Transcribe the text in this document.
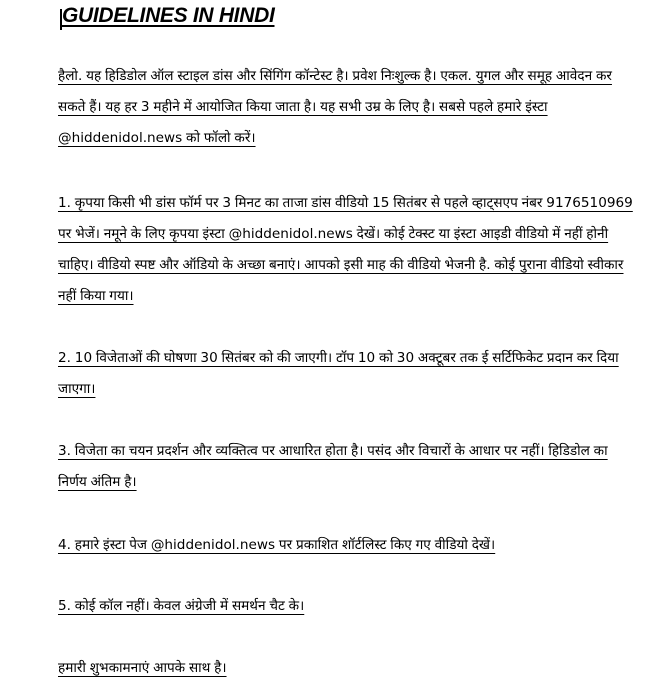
GUIDELINES IN HINDI

हैलो. यह हिडिडोल ऑल स्टाइल डांस और सिंगिंग कॉन्टेस्ट है। प्रवेश निःशुल्क है। एकल. युगल और समूह आवेदन कर सकते हैं। यह हर 3 महीने में आयोजित किया जाता है। यह सभी उम्र के लिए है। सबसे पहले हमारे इंस्टा @hiddenidol.news को फॉलो करें।

1. कृपया किसी भी डांस फॉर्म पर 3 मिनट का ताजा डांस वीडियो 15 सितंबर से पहले व्हाट्सएप नंबर 9176510969 पर भेजें। नमूने के लिए कृपया इंस्टा @hiddenidol.news देखें। कोई टेक्स्ट या इंस्टा आइडी वीडियो में नहीं होनी चाहिए। वीडियो स्पष्ट और ऑडियो के अच्छा बनाएं। आपको इसी माह की वीडियो भेजनी है. कोई पुराना वीडियो स्वीकार नहीं किया गया।

2. 10 विजेताओं की घोषणा 30 सितंबर को की जाएगी। टॉप 10 को 30 अक्टूबर तक ई सर्टिफिकेट प्रदान कर दिया जाएगा।

3. विजेता का चयन प्रदर्शन और व्यक्तित्व पर आधारित होता है। पसंद और विचारों के आधार पर नहीं। हिडिडोल का निर्णय अंतिम है।

4. हमारे इंस्टा पेज @hiddenidol.news पर प्रकाशित शॉर्टलिस्ट किए गए वीडियो देखें।

5. कोई कॉल नहीं। केवल अंग्रेजी में समर्थन चैट के।

हमारी शुभकामनाएं आपके साथ है।
